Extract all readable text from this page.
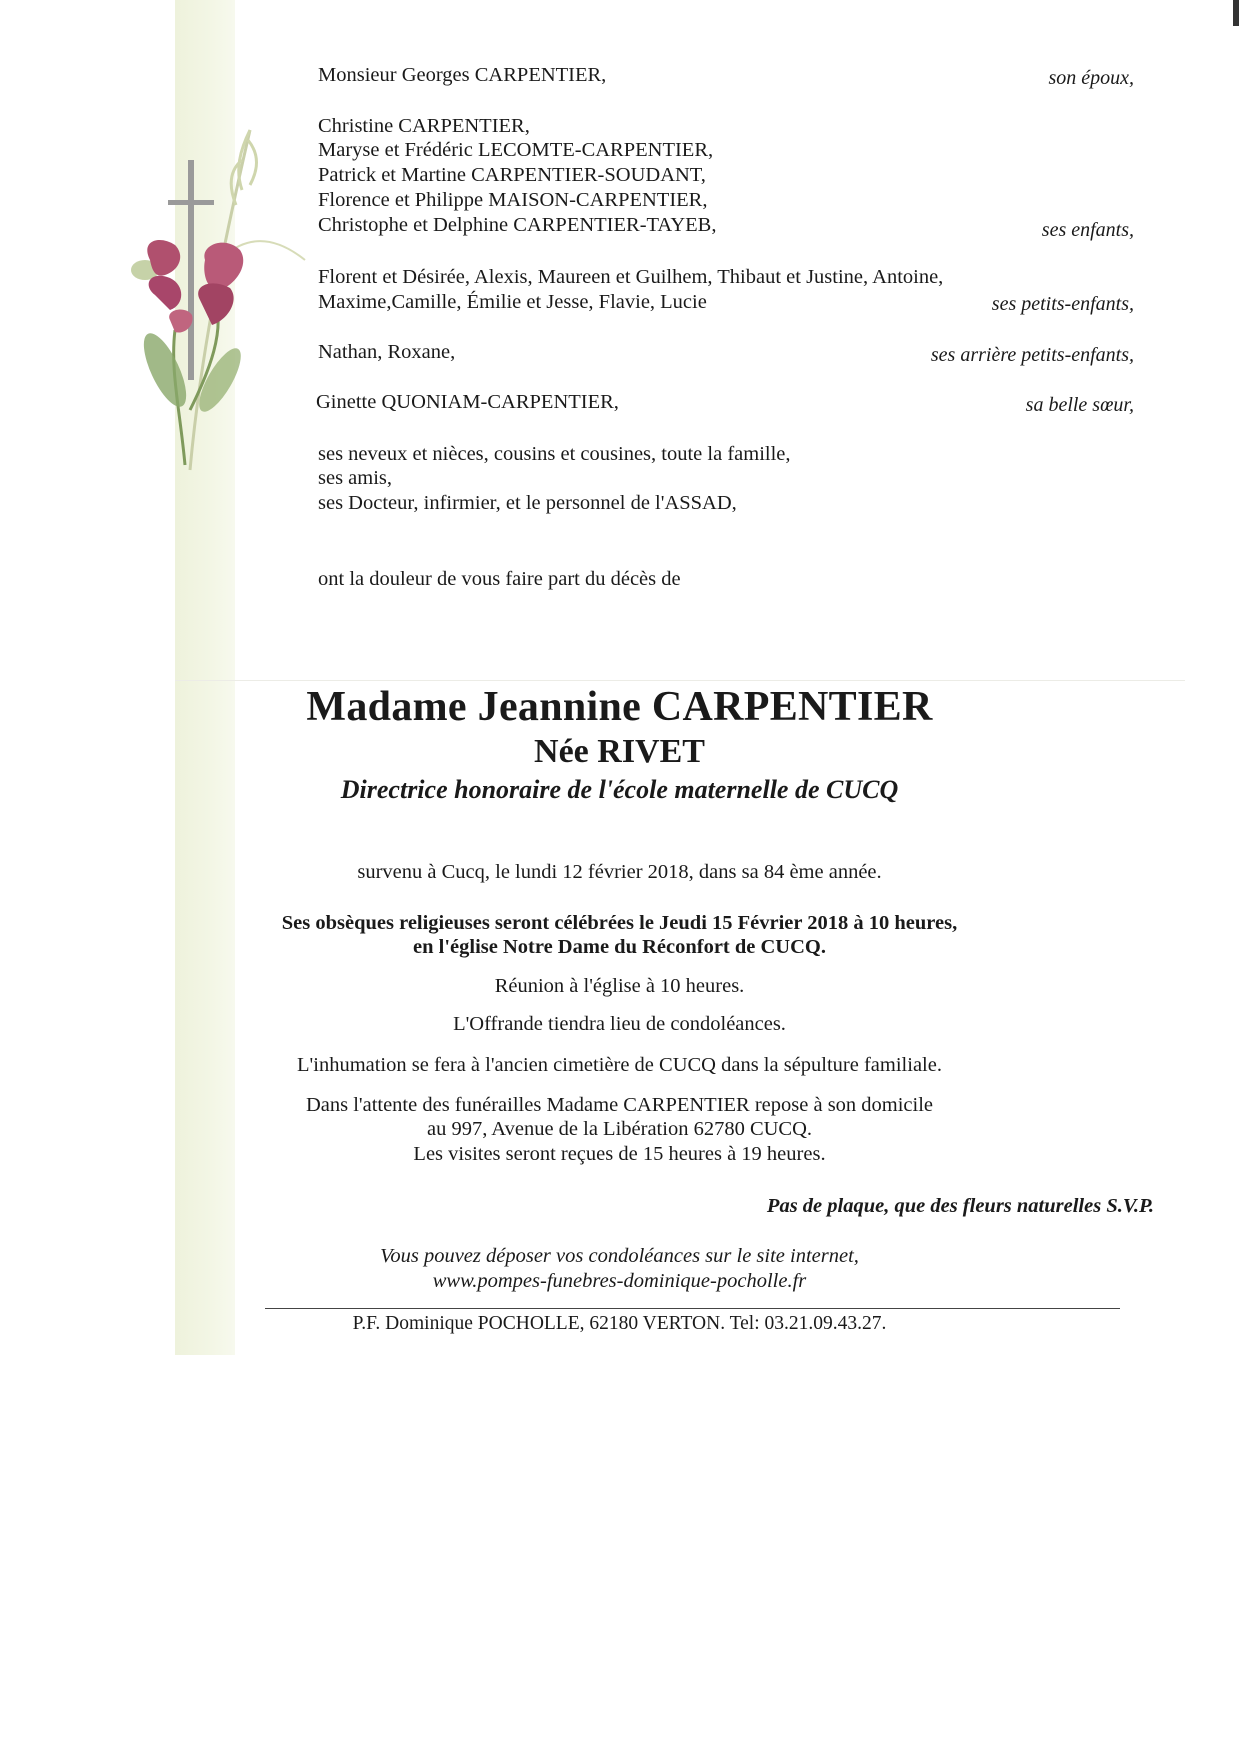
Monsieur Georges CARPENTIER,	son époux,
Christine CARPENTIER,
Maryse et Frédéric LECOMTE-CARPENTIER,
Patrick et Martine CARPENTIER-SOUDANT,
Florence et Philippe MAISON-CARPENTIER,
Christophe et Delphine CARPENTIER-TAYEB,	ses enfants,
Florent et Désirée, Alexis, Maureen et Guilhem, Thibaut et Justine, Antoine,
Maxime,Camille, Émilie et Jesse, Flavie, Lucie	ses petits-enfants,
Nathan, Roxane,	ses arrière petits-enfants,
Ginette QUONIAM-CARPENTIER,	sa belle sœur,
ses neveux et nièces, cousins et cousines, toute la famille,
ses amis,
ses Docteur, infirmier, et le personnel de l'ASSAD,
ont la douleur de vous faire part du décès de
Madame Jeannine CARPENTIER
Née RIVET
Directrice honoraire de l'école maternelle de CUCQ
survenu à Cucq, le lundi 12 février 2018, dans sa 84 ème année.
Ses obsèques religieuses seront célébrées le Jeudi 15 Février 2018 à 10 heures,
en l'église Notre Dame du Réconfort de CUCQ.
Réunion à l'église à 10 heures.
L'Offrande tiendra lieu de condoléances.
L'inhumation se fera à l'ancien cimetière de CUCQ dans la sépulture familiale.
Dans l'attente des funérailles Madame CARPENTIER repose à son domicile
au 997, Avenue de la Libération 62780 CUCQ.
Les visites seront reçues de 15 heures à 19 heures.
Pas de plaque, que des fleurs naturelles S.V.P.
Vous pouvez déposer vos condoléances sur le site internet,
www.pompes-funebres-dominique-pocholle.fr
P.F. Dominique POCHOLLE, 62180 VERTON. Tel: 03.21.09.43.27.
